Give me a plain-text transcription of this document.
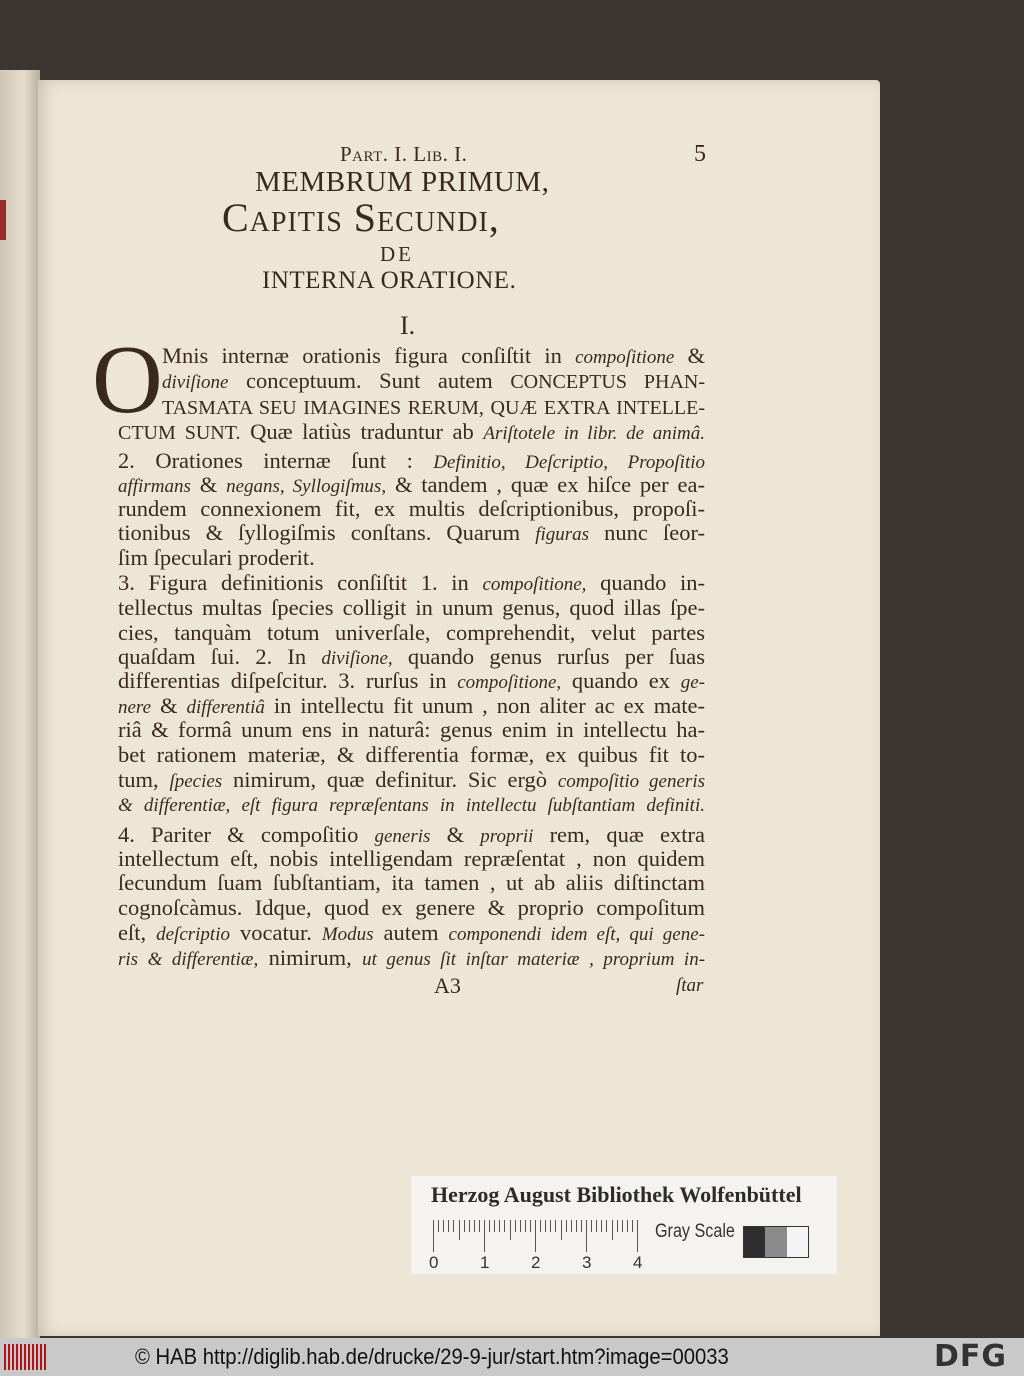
Part. I. Lib. I.	5
MEMBRUM PRIMUM,
Capitis Secundi,
DE
INTERNA ORATIONE.
I.
O Mnis internæ orationis figura conſiſtit in compoſitione &
diviſione conceptuum. Sunt autem CONCEPTUS PHAN-
TASMATA SEU IMAGINES RERUM, QUÆ EXTRA INTELLE-
CTUM SUNT. Quæ latiùs traduntur ab Ariſtotele in libr. de animâ.
2. Orationes internæ ſunt : Definitio, Deſcriptio, Propoſitio
affirmans & negans, Syllogiſmus, & tandem , quæ ex hiſce per ea-
rundem connexionem fit, ex multis deſcriptionibus, propoſi-
tionibus & ſyllogiſmis conſtans. Quarum figuras nunc ſeor-
ſim ſpeculari proderit.
3. Figura definitionis conſiſtit 1. in compoſitione, quando in-
tellectus multas ſpecies colligit in unum genus, quod illas ſpe-
cies, tanquàm totum univerſale, comprehendit, velut partes
quaſdam ſui. 2. In diviſione, quando genus rurſus per ſuas
differentias diſpeſcitur. 3. rurſus in compoſitione, quando ex ge-
nere & differentiâ in intellectu fit unum , non aliter ac ex mate-
riâ & formâ unum ens in naturâ: genus enim in intellectu ha-
bet rationem materiæ, & differentia formæ, ex quibus fit to-
tum, ſpecies nimirum, quæ definitur. Sic ergò compoſitio generis
& differentiæ, eſt figura repræſentans in intellectu ſubſtantiam definiti.
4. Pariter & compoſitio generis & proprii rem, quæ extra
intellectum eſt, nobis intelligendam repræſentat , non quidem
ſecundum ſuam ſubſtantiam, ita tamen , ut ab aliis diſtinctam
cognoſcàmus. Idque, quod ex genere & proprio compoſitum
eſt, deſcriptio vocatur. Modus autem componendi idem eſt, qui gene-
ris & differentiæ, nimirum, ut genus ſit inſtar materiæ , proprium in-
A3	ſtar
Herzog August Bibliothek Wolfenbüttel
Gray Scale
0 1 2 3 4
© HAB http://diglib.hab.de/drucke/29-9-jur/start.htm?image=00033	DFG
